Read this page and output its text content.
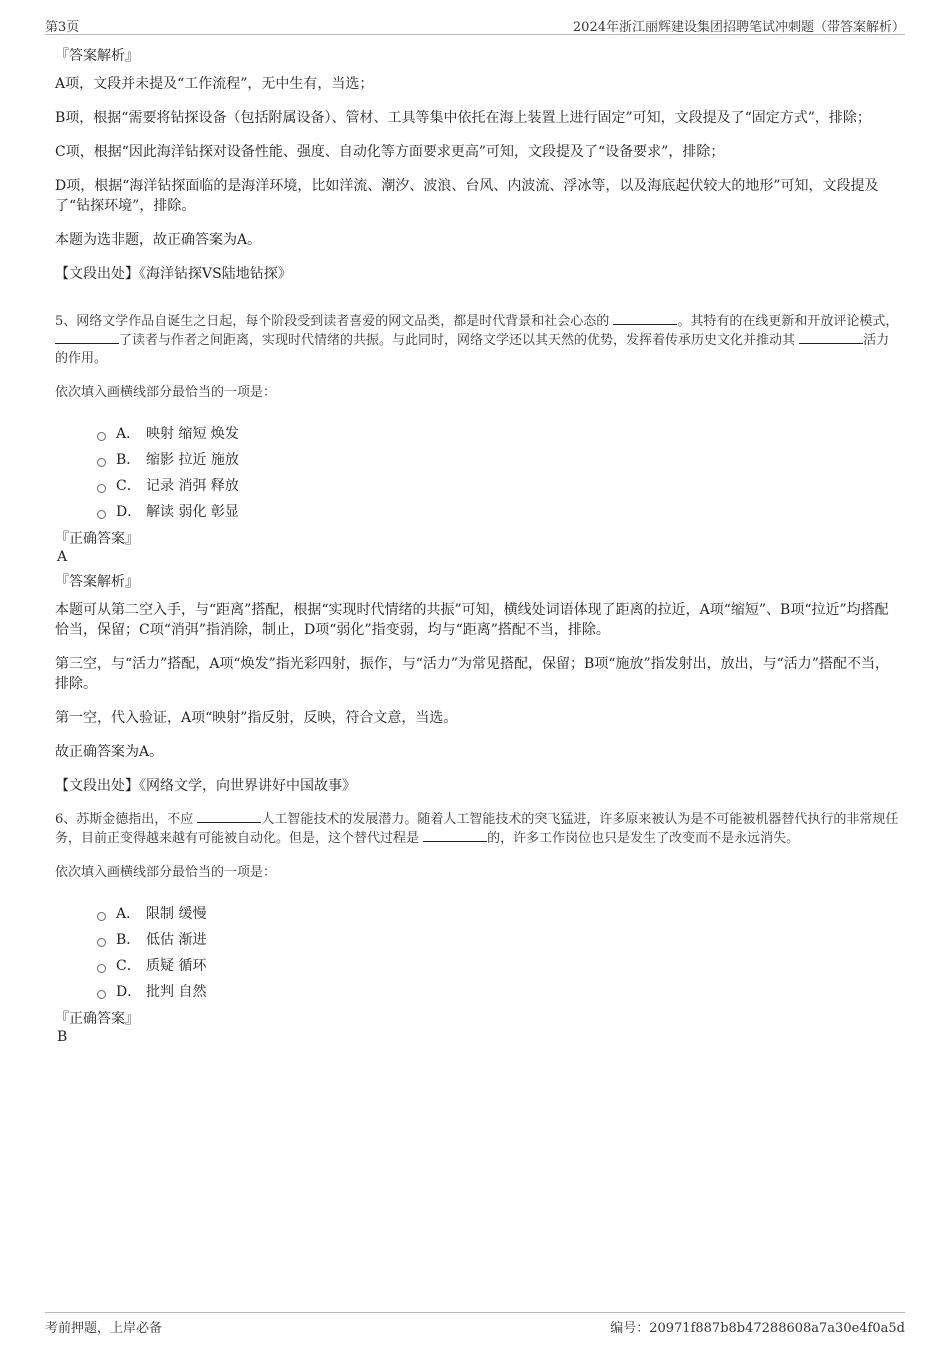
第3页	2024年浙江丽辉建设集团招聘笔试冲刺题（带答案解析）

『答案解析』

A项，文段并未提及“工作流程”，无中生有，当选；

B项，根据“需要将钻探设备（包括附属设备）、管材、工具等集中依托在海上装置上进行固定”可知，文段提及了“固定方式”，排除；

C项，根据“因此海洋钻探对设备性能、强度、自动化等方面要求更高”可知，文段提及了“设备要求”，排除；

D项，根据“海洋钻探面临的是海洋环境，比如洋流、潮汐、波浪、台风、内波流、浮冰等，以及海底起伏较大的地形”可知，文段提及了“钻探环境”，排除。

本题为选非题，故正确答案为A。

【文段出处】《海洋钻探VS陆地钻探》

5、网络文学作品自诞生之日起，每个阶段受到读者喜爱的网文品类，都是时代背景和社会心态的	。其特有的在线更新和开放评论模式， 了读者与作者之间距离，实现时代情绪的共振。与此同时，网络文学还以其天然的优势，发挥着传承历史文化并推动其	活力的作用。

依次填入画横线部分最恰当的一项是：

A． 映射 缩短 焕发
B． 缩影 拉近 施放
C． 记录 消弭 释放
D． 解读 弱化 彰显

『正确答案』

A

『答案解析』

本题可从第二空入手，与“距离”搭配，根据“实现时代情绪的共振”可知，横线处词语体现了距离的拉近，A项“缩短”、B项“拉近”均搭配恰当，保留；C项“消弭”指消除，制止，D项“弱化”指变弱，均与“距离”搭配不当，排除。

第三空，与“活力”搭配，A项“焕发”指光彩四射，振作，与“活力”为常见搭配，保留；B项“施放”指发射出，放出，与“活力”搭配不当，排除。

第一空，代入验证，A项“映射”指反射，反映，符合文意，当选。

故正确答案为A。

【文段出处】《网络文学，向世界讲好中国故事》

6、苏斯金德指出，不应	人工智能技术的发展潜力。随着人工智能技术的突飞猛进，许多原来被认为是不可能被机器替代执行的非常规任务，目前正变得越来越有可能被自动化。但是，这个替代过程是	的，许多工作岗位也只是发生了改变而不是永远消失。

依次填入画横线部分最恰当的一项是：

A． 限制 缓慢
B． 低估 渐进
C． 质疑 循环
D． 批判 自然

『正确答案』

B

考前押题，上岸必备	编号：20971f887b8b47288608a7a30e4f0a5d
